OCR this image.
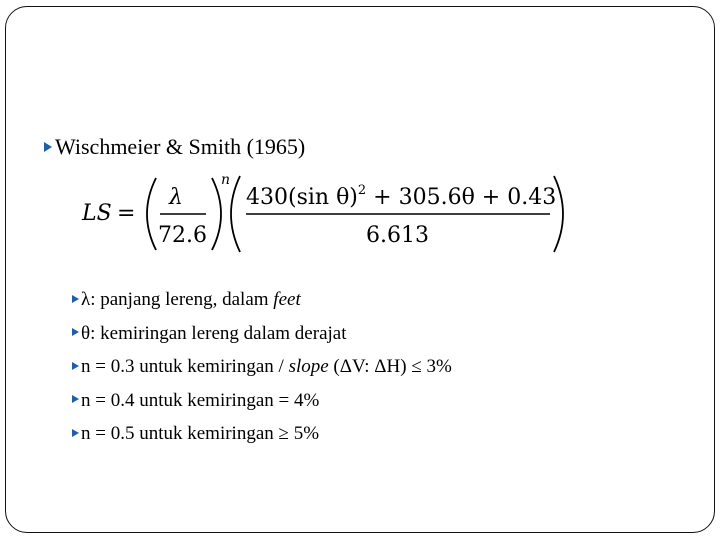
Wischmeier & Smith (1965)
LS =
λ
72.6
n
430(sin θ)$^2$ + 305.6θ + 0.43
6.613
λ: panjang lereng, dalam feet
θ: kemiringan lereng dalam derajat
n = 0.3 untuk kemiringan / slope (ΔV: ΔH) ≤ 3%
n = 0.4 untuk kemiringan = 4%
n = 0.5 untuk kemiringan ≥ 5%
